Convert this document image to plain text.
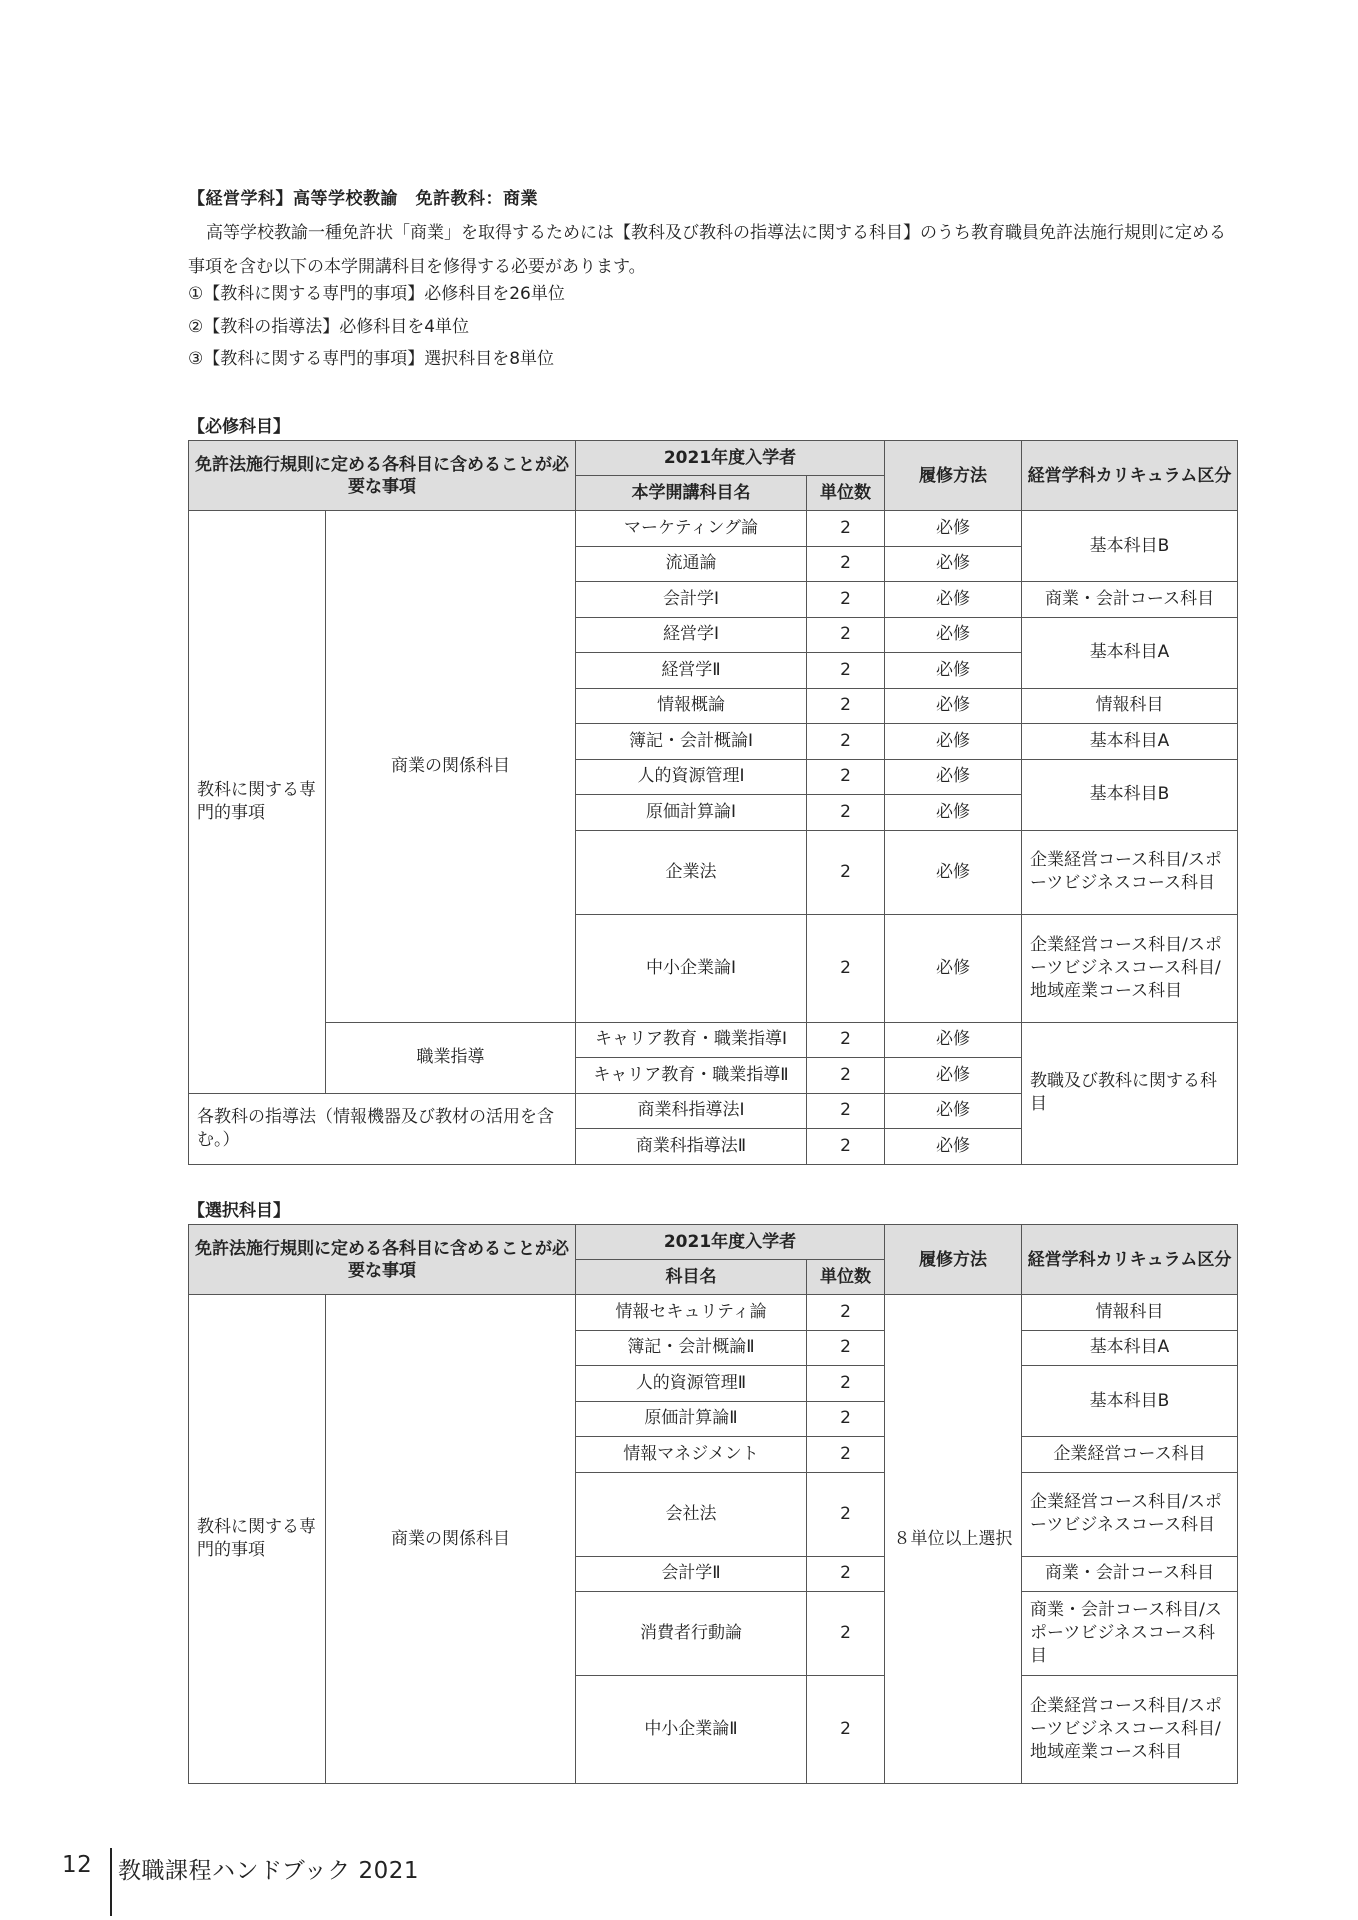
【経営学科】高等学校教諭　免許教科：商業

高等学校教諭一種免許状「商業」を取得するためには【教科及び教科の指導法に関する科目】のうち教育職員免許法施行規則に定める事項を含む以下の本学開講科目を修得する必要があります。

①【教科に関する専門的事項】必修科目を26単位
②【教科の指導法】必修科目を4単位
③【教科に関する専門的事項】選択科目を8単位
【必修科目】
免許法施行規則に定める各科目に含めることが必要な事項		2021年度入学者		履修方法	経営学科カリキュラム区分
		本学開講科目名	単位数		
教科に関する専門的事項	商業の関係科目	マーケティング論	2	必修	基本科目B
		流通論	2	必修	
		会計学Ⅰ	2	必修	商業・会計コース科目
		経営学Ⅰ	2	必修	基本科目A
		経営学Ⅱ	2	必修	
		情報概論	2	必修	情報科目
		簿記・会計概論Ⅰ	2	必修	基本科目A
		人的資源管理Ⅰ	2	必修	基本科目B
		原価計算論Ⅰ	2	必修	
		企業法	2	必修	企業経営コース科目/スポーツビジネスコース科目
		中小企業論Ⅰ	2	必修	企業経営コース科目/スポーツビジネスコース科目/地域産業コース科目
	職業指導	キャリア教育・職業指導Ⅰ	2	必修	教職及び教科に関する科目
		キャリア教育・職業指導Ⅱ	2	必修	
各教科の指導法（情報機器及び教材の活用を含む。）		商業科指導法Ⅰ	2	必修	
		商業科指導法Ⅱ	2	必修	
【選択科目】
免許法施行規則に定める各科目に含めることが必要な事項		2021年度入学者		履修方法	経営学科カリキュラム区分
		科目名	単位数		
教科に関する専門的事項	商業の関係科目	情報セキュリティ論	2	８単位以上選択	情報科目
		簿記・会計概論Ⅱ	2		基本科目A
		人的資源管理Ⅱ	2		基本科目B
		原価計算論Ⅱ	2		
		情報マネジメント	2		企業経営コース科目
		会社法	2		企業経営コース科目/スポーツビジネスコース科目
		会計学Ⅱ	2		商業・会計コース科目
		消費者行動論	2		商業・会計コース科目/スポーツビジネスコース科目
		中小企業論Ⅱ	2		企業経営コース科目/スポーツビジネスコース科目/地域産業コース科目
12 教職課程ハンドブック 2021
